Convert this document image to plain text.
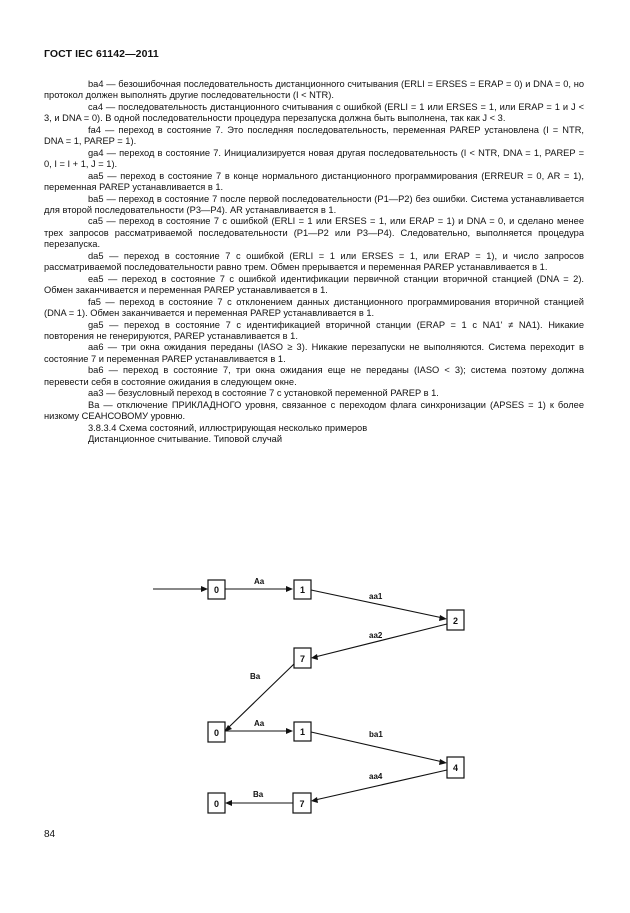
ГОСТ IEC 61142—2011

ba4 — безошибочная последовательность дистанционного считывания (ERLI = ERSES = ERAP = 0) и DNA = 0, но протокол должен выполнять другие последовательности (I < NTR).

ca4 — последовательность дистанционного считывания с ошибкой (ERLI = 1 или ERSES = 1, или ERAP = 1 и J < 3, и DNA = 0). В одной последовательности процедура перезапуска должна быть выполнена, так как J < 3.

fa4 — переход в состояние 7. Это последняя последовательность, переменная PAREP установлена (I = NTR, DNA = 1, PAREP = 1).

ga4 — переход в состояние 7. Инициализируется новая другая последовательность (I < NTR, DNA = 1, PAREP = 0, I = I + 1, J = 1).

aa5 — переход в состояние 7 в конце нормального дистанционного программирования (ERREUR = 0, AR = 1), переменная PAREP устанавливается в 1.

ba5 — переход в состояние 7 после первой последовательности (P1—P2) без ошибки. Система устанавливается для второй последовательности (P3—P4). AR устанавливается в 1.

ca5 — переход в состояние 7 с ошибкой (ERLI = 1 или ERSES = 1, или ERAP = 1) и DNA = 0, и сделано менее трех запросов рассматриваемой последовательности (P1—P2 или P3—P4). Следовательно, выполняется процедура перезапуска.

da5 — переход в состояние 7 с ошибкой (ERLI = 1 или ERSES = 1, или ERAP = 1), и число запросов рассматриваемой последовательности равно трем. Обмен прерывается и переменная PAREP устанавливается в 1.

ea5 — переход в состояние 7 с ошибкой идентификации первичной станции вторичной станцией (DNA = 2). Обмен заканчивается и переменная PAREP устанавливается в 1.

fa5 — переход в состояние 7 с отклонением данных дистанционного программирования вторичной станцией (DNA = 1). Обмен заканчивается и переменная PAREP устанавливается в 1.

ga5 — переход в состояние 7 с идентификацией вторичной станции (ERAP = 1 с NA1' ≠ NA1). Никакие повторения не генерируются, PAREP устанавливается в 1.

aa6 — три окна ожидания переданы (IASO ≥ 3). Никакие перезапуски не выполняются. Система переходит в состояние 7 и переменная PAREP устанавливается в 1.

ba6 — переход в состояние 7, три окна ожидания еще не переданы (IASO < 3); система поэтому должна перевести себя в состояние ожидания в следующем окне.

aa3 — безусловный переход в состояние 7 с установкой переменной PAREP в 1.

Ba — отключение ПРИКЛАДНОГО уровня, связанное с переходом флага синхронизации (APSES = 1) к более низкому СЕАНСОВОМУ уровню.

3.8.3.4 Схема состояний, иллюстрирующая несколько примеров

Дистанционное считывание. Типовой случай

Aa
aa1
aa2
Ba
Aa
ba1
aa4
Ba
0	1
2
7
0	1
4
0	7
84
